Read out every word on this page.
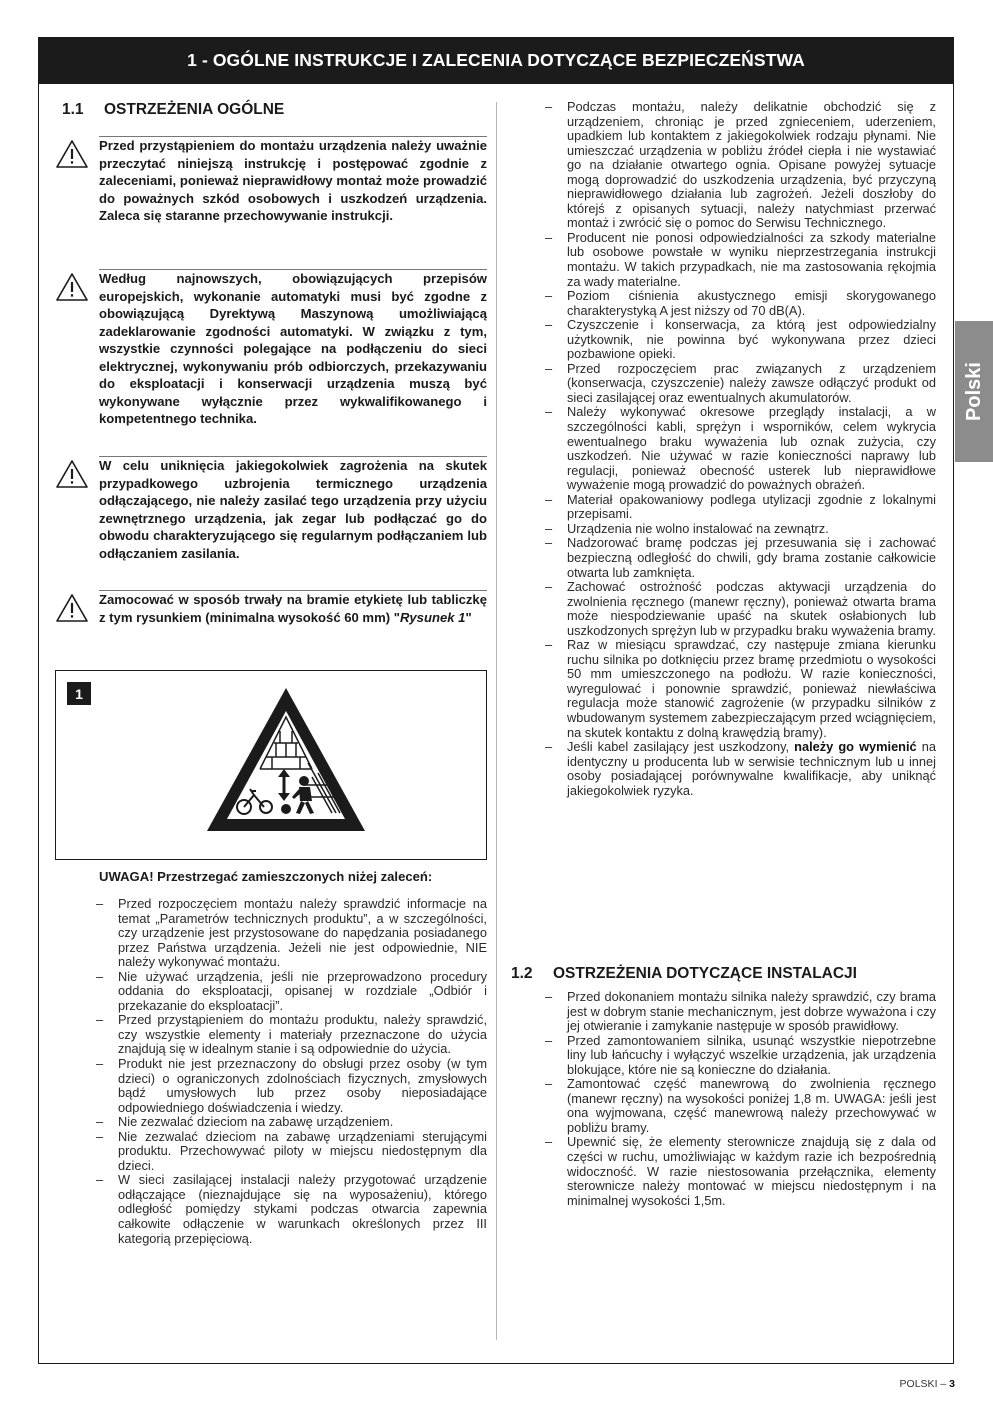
1 - OGÓLNE INSTRUKCJE I ZALECENIA DOTYCZĄCE BEZPIECZEŃSTWA
Polski
1.1	OSTRZEŻENIA OGÓLNE
Przed przystąpieniem do montażu urządzenia należy uważnie przeczytać niniejszą instrukcję i postępować zgodnie z zaleceniami, ponieważ nieprawidłowy montaż może prowadzić do poważnych szkód osobowych i uszkodzeń urządzenia. Zaleca się staranne przechowywanie instrukcji.
Według najnowszych, obowiązujących przepisów europejskich, wykonanie automatyki musi być zgodne z obowiązującą Dyrektywą Maszynową umożliwiającą zadeklarowanie zgodności automatyki. W związku z tym, wszystkie czynności polegające na podłączeniu do sieci elektrycznej, wykonywaniu prób odbiorczych, przekazywaniu do eksploatacji i konserwacji urządzenia muszą być wykonywane wyłącznie przez wykwalifikowanego i kompetentnego technika.
W celu uniknięcia jakiegokolwiek zagrożenia na skutek przypadkowego uzbrojenia termicznego urządzenia odłączającego, nie należy zasilać tego urządzenia przy użyciu zewnętrznego urządzenia, jak zegar lub podłączać go do obwodu charakteryzującego się regularnym podłączaniem lub odłączaniem zasilania.
Zamocować w sposób trwały na bramie etykietę lub tabliczkę z tym rysunkiem (minimalna wysokość 60 mm) "Rysunek 1"
1
UWAGA! Przestrzegać zamieszczonych niżej zaleceń:
– Przed rozpoczęciem montażu należy sprawdzić informacje na temat „Parametrów technicznych produktu”, a w szczególności, czy urządzenie jest przystosowane do napędzania posiadanego przez Państwa urządzenia. Jeżeli nie jest odpowiednie, NIE należy wykonywać montażu.
– Nie używać urządzenia, jeśli nie przeprowadzono procedury oddania do eksploatacji, opisanej w rozdziale „Odbiór i przekazanie do eksploatacji”.
– Przed przystąpieniem do montażu produktu, należy sprawdzić, czy wszystkie elementy i materiały przeznaczone do użycia znajdują się w idealnym stanie i są odpowiednie do użycia.
– Produkt nie jest przeznaczony do obsługi przez osoby (w tym dzieci) o ograniczonych zdolnościach fizycznych, zmysłowych bądź umysłowych lub przez osoby nieposiadające odpowiedniego doświadczenia i wiedzy.
– Nie zezwalać dzieciom na zabawę urządzeniem.
– Nie zezwalać dzieciom na zabawę urządzeniami sterującymi produktu. Przechowywać piloty w miejscu niedostępnym dla dzieci.
– W sieci zasilającej instalacji należy przygotować urządzenie odłączające (nieznajdujące się na wyposażeniu), którego odległość pomiędzy stykami podczas otwarcia zapewnia całkowite odłączenie w warunkach określonych przez III kategorią przepięciową.
– Podczas montażu, należy delikatnie obchodzić się z urządzeniem, chroniąc je przed zgnieceniem, uderzeniem, upadkiem lub kontaktem z jakiegokolwiek rodzaju płynami. Nie umieszczać urządzenia w pobliżu źródeł ciepła i nie wystawiać go na działanie otwartego ognia. Opisane powyżej sytuacje mogą doprowadzić do uszkodzenia urządzenia, być przyczyną nieprawidłowego działania lub zagrożeń. Jeżeli doszłoby do którejś z opisanych sytuacji, należy natychmiast przerwać montaż i zwrócić się o pomoc do Serwisu Technicznego.
– Producent nie ponosi odpowiedzialności za szkody materialne lub osobowe powstałe w wyniku nieprzestrzegania instrukcji montażu. W takich przypadkach, nie ma zastosowania rękojmia za wady materialne.
– Poziom ciśnienia akustycznego emisji skorygowanego charakterystyką A jest niższy od 70 dB(A).
– Czyszczenie i konserwacja, za którą jest odpowiedzialny użytkownik, nie powinna być wykonywana przez dzieci pozbawione opieki.
– Przed rozpoczęciem prac związanych z urządzeniem (konserwacja, czyszczenie) należy zawsze odłączyć produkt od sieci zasilającej oraz ewentualnych akumulatorów.
– Należy wykonywać okresowe przeglądy instalacji, a w szczególności kabli, sprężyn i wsporników, celem wykrycia ewentualnego braku wyważenia lub oznak zużycia, czy uszkodzeń. Nie używać w razie konieczności naprawy lub regulacji, ponieważ obecność usterek lub nieprawidłowe wyważenie mogą prowadzić do poważnych obrażeń.
– Materiał opakowaniowy podlega utylizacji zgodnie z lokalnymi przepisami.
– Urządzenia nie wolno instalować na zewnątrz.
– Nadzorować bramę podczas jej przesuwania się i zachować bezpieczną odległość do chwili, gdy brama zostanie całkowicie otwarta lub zamknięta.
– Zachować ostrożność podczas aktywacji urządzenia do zwolnienia ręcznego (manewr ręczny), ponieważ otwarta brama może niespodziewanie upaść na skutek osłabionych lub uszkodzonych sprężyn lub w przypadku braku wyważenia bramy.
– Raz w miesiącu sprawdzać, czy następuje zmiana kierunku ruchu silnika po dotknięciu przez bramę przedmiotu o wysokości 50 mm umieszczonego na podłożu. W razie konieczności, wyregulować i ponownie sprawdzić, ponieważ niewłaściwa regulacja może stanowić zagrożenie (w przypadku silników z wbudowanym systemem zabezpieczającym przed wciągnięciem, na skutek kontaktu z dolną krawędzią bramy).
– Jeśli kabel zasilający jest uszkodzony, należy go wymienić na identyczny u producenta lub w serwisie technicznym lub u innej osoby posiadającej porównywalne kwalifikacje, aby uniknąć jakiegokolwiek ryzyka.
1.2	OSTRZEŻENIA DOTYCZĄCE INSTALACJI
– Przed dokonaniem montażu silnika należy sprawdzić, czy brama jest w dobrym stanie mechanicznym, jest dobrze wyważona i czy jej otwieranie i zamykanie następuje w sposób prawidłowy.
– Przed zamontowaniem silnika, usunąć wszystkie niepotrzebne liny lub łańcuchy i wyłączyć wszelkie urządzenia, jak urządzenia blokujące, które nie są konieczne do działania.
– Zamontować część manewrową do zwolnienia ręcznego (manewr ręczny) na wysokości poniżej 1,8 m. UWAGA: jeśli jest ona wyjmowana, część manewrową należy przechowywać w pobliżu bramy.
– Upewnić się, że elementy sterownicze znajdują się z dala od części w ruchu, umożliwiając w każdym razie ich bezpośrednią widoczność. W razie niestosowania przełącznika, elementy sterownicze należy montować w miejscu niedostępnym i na minimalnej wysokości 1,5m.
POLSKI – 3
